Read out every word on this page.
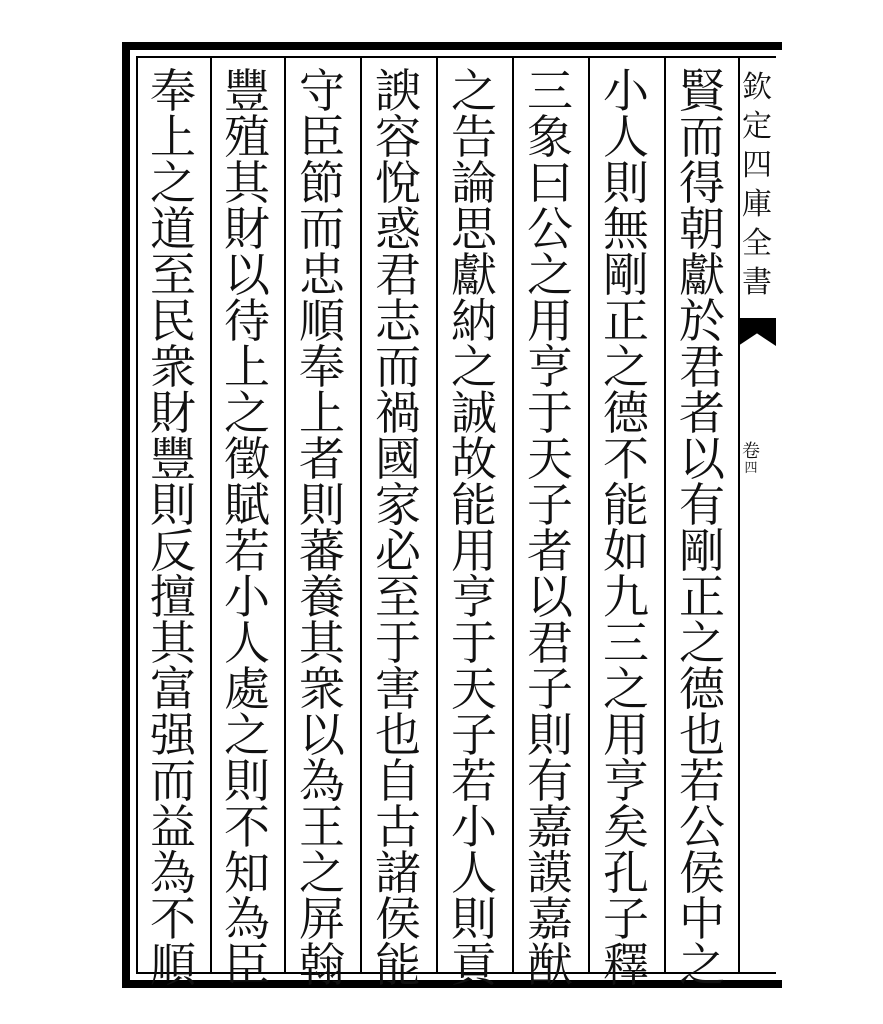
欽
定
四
庫
全
書
卷
四
賢
而
得
朝
獻
於
君
者
以
有
剛
正
之
德
也
若
公
侯
中
之
小
人
則
無
剛
正
之
德
不
能
如
九
三
之
用
亨
矣
孔
子
釋
三
象
曰
公
之
用
亨
于
天
子
者
以
君
子
則
有
嘉
謨
嘉
猷
之
告
論
思
獻
納
之
誠
故
能
用
亨
于
天
子
若
小
人
則
貢
諛
容
悅
惑
君
志
而
禍
國
家
必
至
于
害
也
自
古
諸
侯
能
守
臣
節
而
忠
順
奉
上
者
則
蕃
養
其
衆
以
為
王
之
屏
翰
豐
殖
其
財
以
待
上
之
徵
賦
若
小
人
處
之
則
不
知
為
臣
奉
上
之
道
至
民
衆
財
豐
則
反
擅
其
富
强
而
益
為
不
順
